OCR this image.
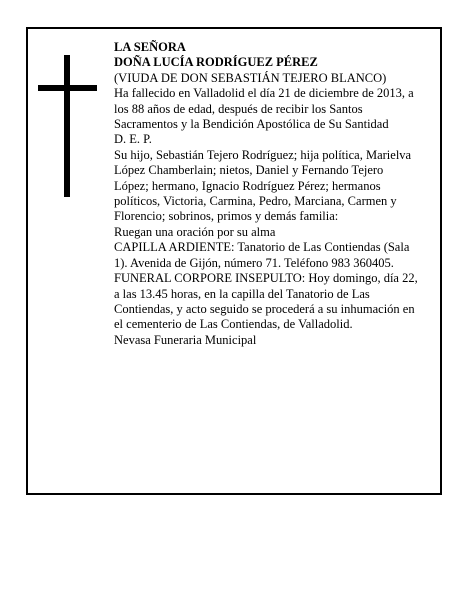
LA SEÑORA

DOÑA LUCÍA RODRÍGUEZ PÉREZ

(VIUDA DE DON SEBASTIÁN TEJERO BLANCO)

Ha fallecido en Valladolid el día 21 de diciembre de 2013, a los 88 años de edad, después de recibir los Santos Sacramentos y la Bendición Apostólica de Su Santidad

D. E. P.

Su hijo, Sebastián Tejero Rodríguez; hija política, Marielva López Chamberlain; nietos, Daniel y Fernando Tejero López; hermano, Ignacio Rodríguez Pérez; hermanos políticos, Victoria, Carmina, Pedro, Marciana, Carmen y Florencio; sobrinos, primos y demás familia:

Ruegan una oración por su alma

CAPILLA ARDIENTE: Tanatorio de Las Contiendas (Sala 1). Avenida de Gijón, número 71. Teléfono 983 360405.

FUNERAL CORPORE INSEPULTO: Hoy domingo, día 22, a las 13.45 horas, en la capilla del Tanatorio de Las Contiendas, y acto seguido se procederá a su inhumación en el cementerio de Las Contiendas, de Valladolid.

Nevasa Funeraria Municipal
